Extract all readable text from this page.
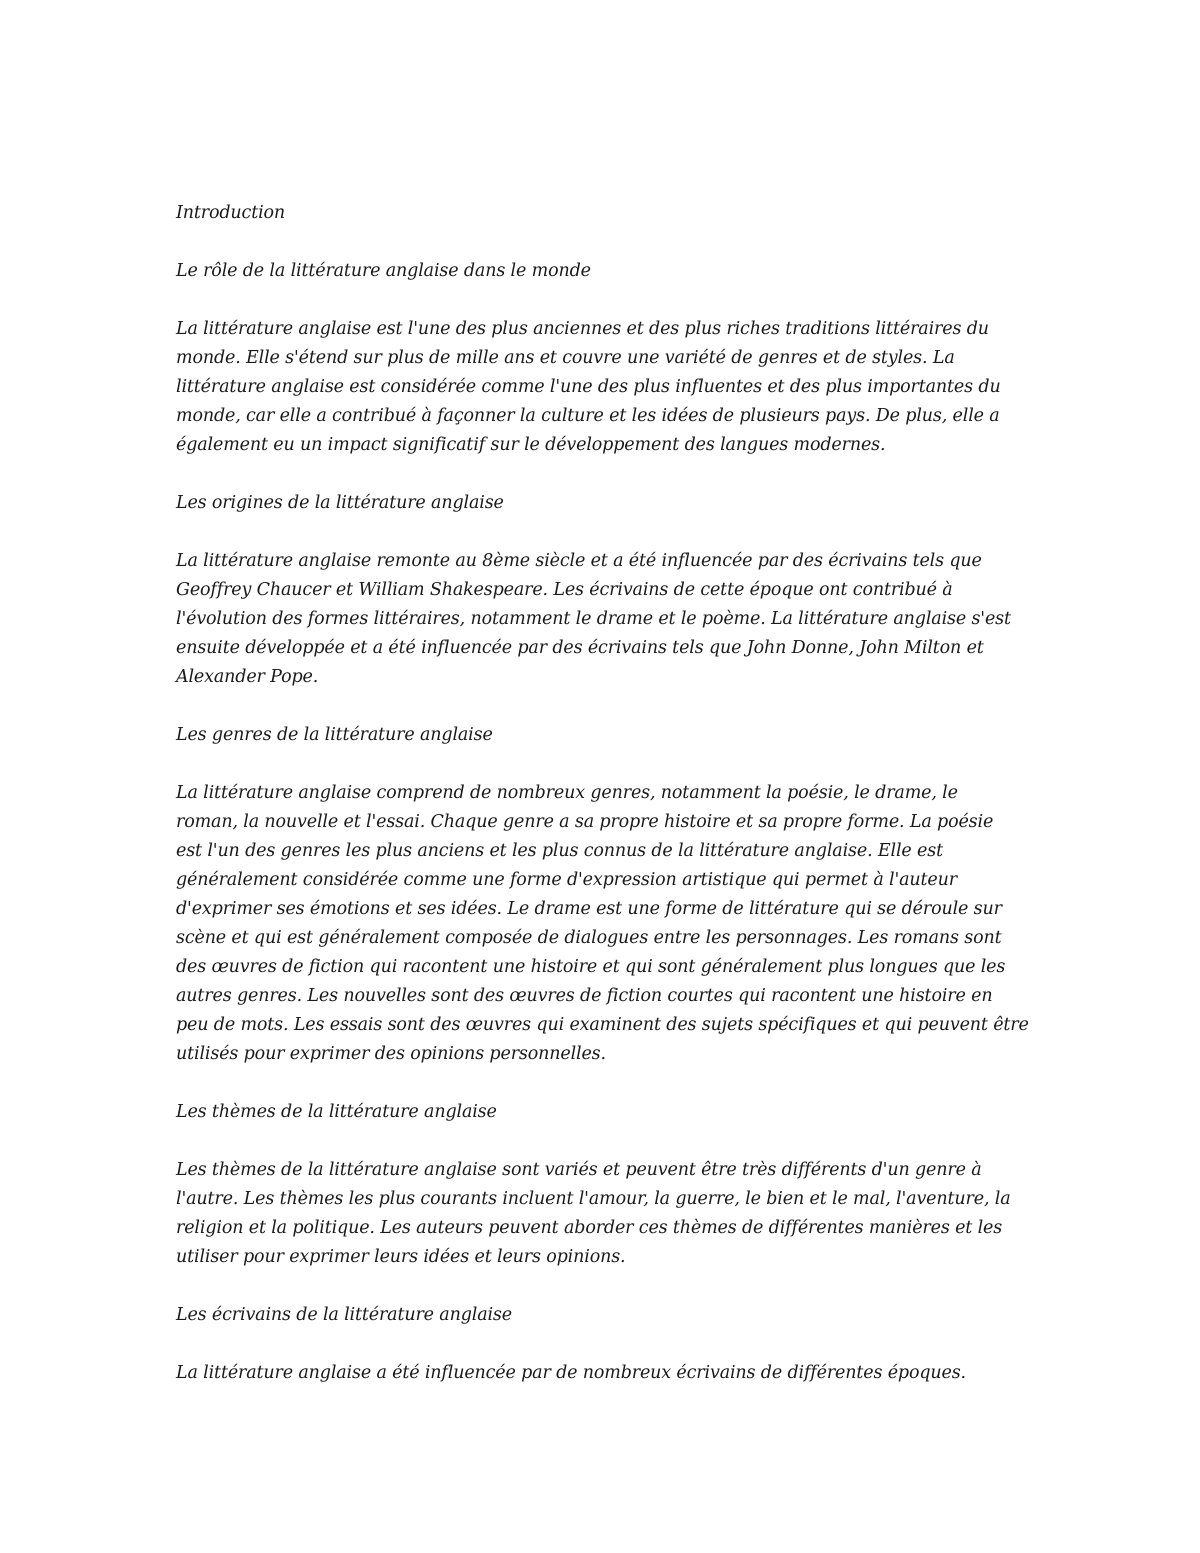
Introduction

Le rôle de la littérature anglaise dans le monde

La littérature anglaise est l'une des plus anciennes et des plus riches traditions littéraires du
monde. Elle s'étend sur plus de mille ans et couvre une variété de genres et de styles. La
littérature anglaise est considérée comme l'une des plus influentes et des plus importantes du
monde, car elle a contribué à façonner la culture et les idées de plusieurs pays. De plus, elle a
également eu un impact significatif sur le développement des langues modernes.

Les origines de la littérature anglaise

La littérature anglaise remonte au 8ème siècle et a été influencée par des écrivains tels que
Geoffrey Chaucer et William Shakespeare. Les écrivains de cette époque ont contribué à
l'évolution des formes littéraires, notamment le drame et le poème. La littérature anglaise s'est
ensuite développée et a été influencée par des écrivains tels que John Donne, John Milton et
Alexander Pope.

Les genres de la littérature anglaise

La littérature anglaise comprend de nombreux genres, notamment la poésie, le drame, le
roman, la nouvelle et l'essai. Chaque genre a sa propre histoire et sa propre forme. La poésie
est l'un des genres les plus anciens et les plus connus de la littérature anglaise. Elle est
généralement considérée comme une forme d'expression artistique qui permet à l'auteur
d'exprimer ses émotions et ses idées. Le drame est une forme de littérature qui se déroule sur
scène et qui est généralement composée de dialogues entre les personnages. Les romans sont
des œuvres de fiction qui racontent une histoire et qui sont généralement plus longues que les
autres genres. Les nouvelles sont des œuvres de fiction courtes qui racontent une histoire en
peu de mots. Les essais sont des œuvres qui examinent des sujets spécifiques et qui peuvent être
utilisés pour exprimer des opinions personnelles.

Les thèmes de la littérature anglaise

Les thèmes de la littérature anglaise sont variés et peuvent être très différents d'un genre à
l'autre. Les thèmes les plus courants incluent l'amour, la guerre, le bien et le mal, l'aventure, la
religion et la politique. Les auteurs peuvent aborder ces thèmes de différentes manières et les
utiliser pour exprimer leurs idées et leurs opinions.

Les écrivains de la littérature anglaise

La littérature anglaise a été influencée par de nombreux écrivains de différentes époques.
